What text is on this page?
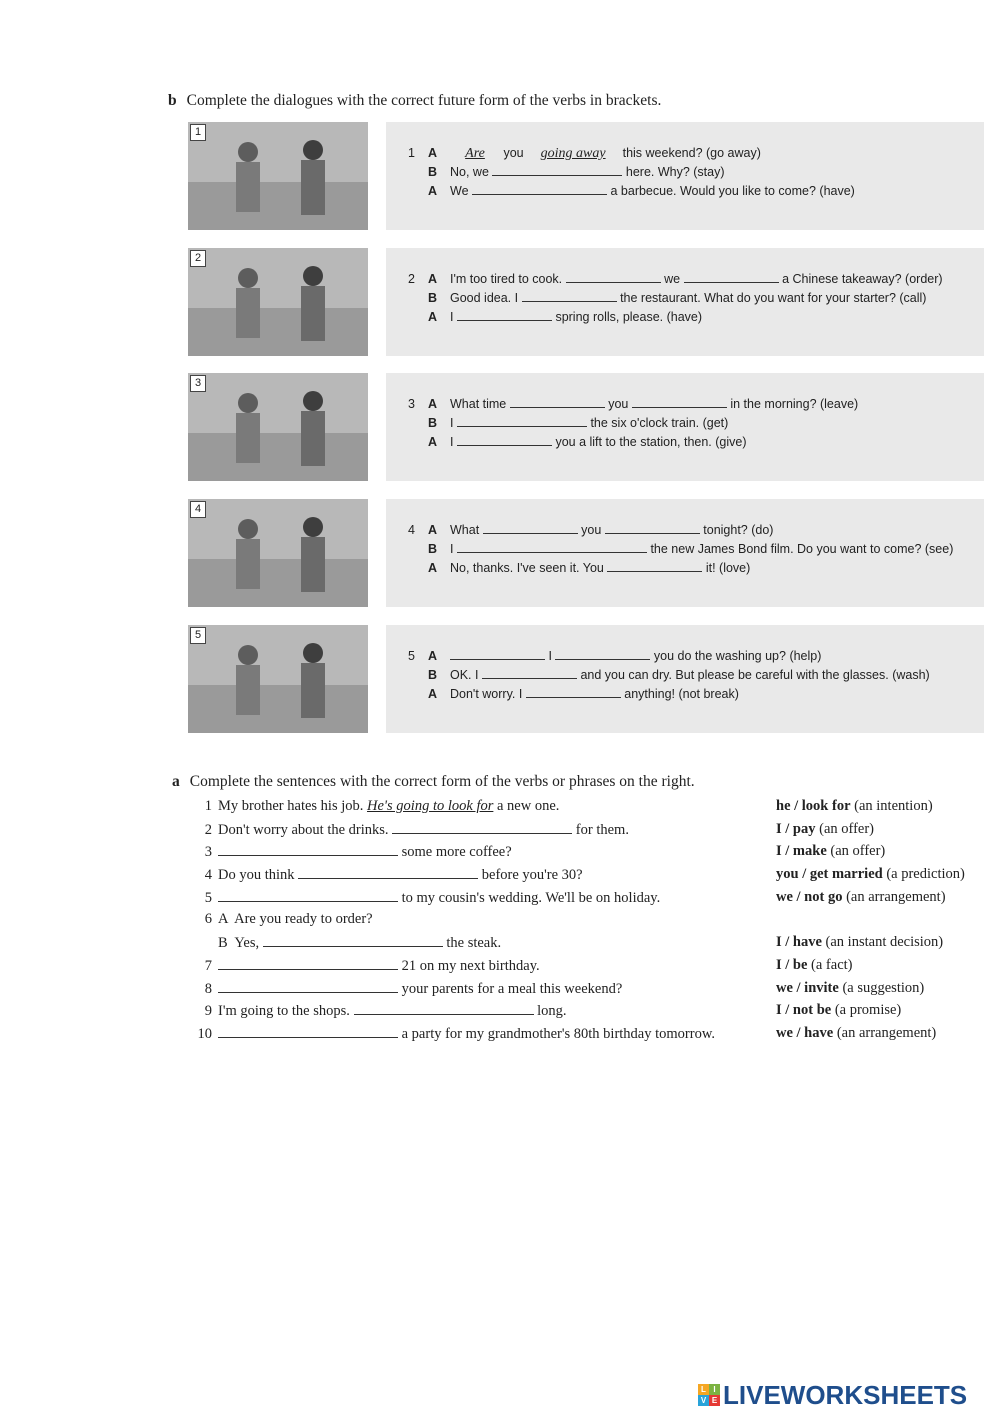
b Complete the dialogues with the correct future form of the verbs in brackets.
1
1 A Are you going away this weekend? (go away)
B No, we	here. Why? (stay)
A We	a barbecue. Would you like to come? (have)
2
2 A I'm too tired to cook.	we	a Chinese takeaway? (order)
B Good idea. I	the restaurant. What do you want for your starter? (call)
A I	spring rolls, please. (have)
3
3 A What time	you	in the morning? (leave)
B I	the six o'clock train. (get)
A I	you a lift to the station, then. (give)
4
4 A What	you	tonight? (do)
B I	the new James Bond film. Do you want to come? (see)
A No, thanks. I've seen it. You	it! (love)
5
5 A	I	you do the washing up? (help)
B OK. I	and you can dry. But please be careful with the glasses. (wash)
A Don't worry. I	anything! (not break)
a Complete the sentences with the correct form of the verbs or phrases on the right.
1 My brother hates his job. He's going to look for a new one.	he / look for (an intention)
2 Don't worry about the drinks.	for them.	I / pay (an offer)
3	some more coffee?	I / make (an offer)
4 Do you think	before you're 30?	you / get married (a prediction)
5	to my cousin's wedding. We'll be on holiday.	we / not go (an arrangement)
6 A  Are you ready to order?
B  Yes,	the steak.	I / have (an instant decision)
7	21 on my next birthday.	I / be (a fact)
8	your parents for a meal this weekend?	we / invite (a suggestion)
9 I'm going to the shops.	long.	I / not be (a promise)
10	a party for my grandmother's 80th birthday tomorrow.	we / have (an arrangement)
L I
V E LIVEWORKSHEETS
